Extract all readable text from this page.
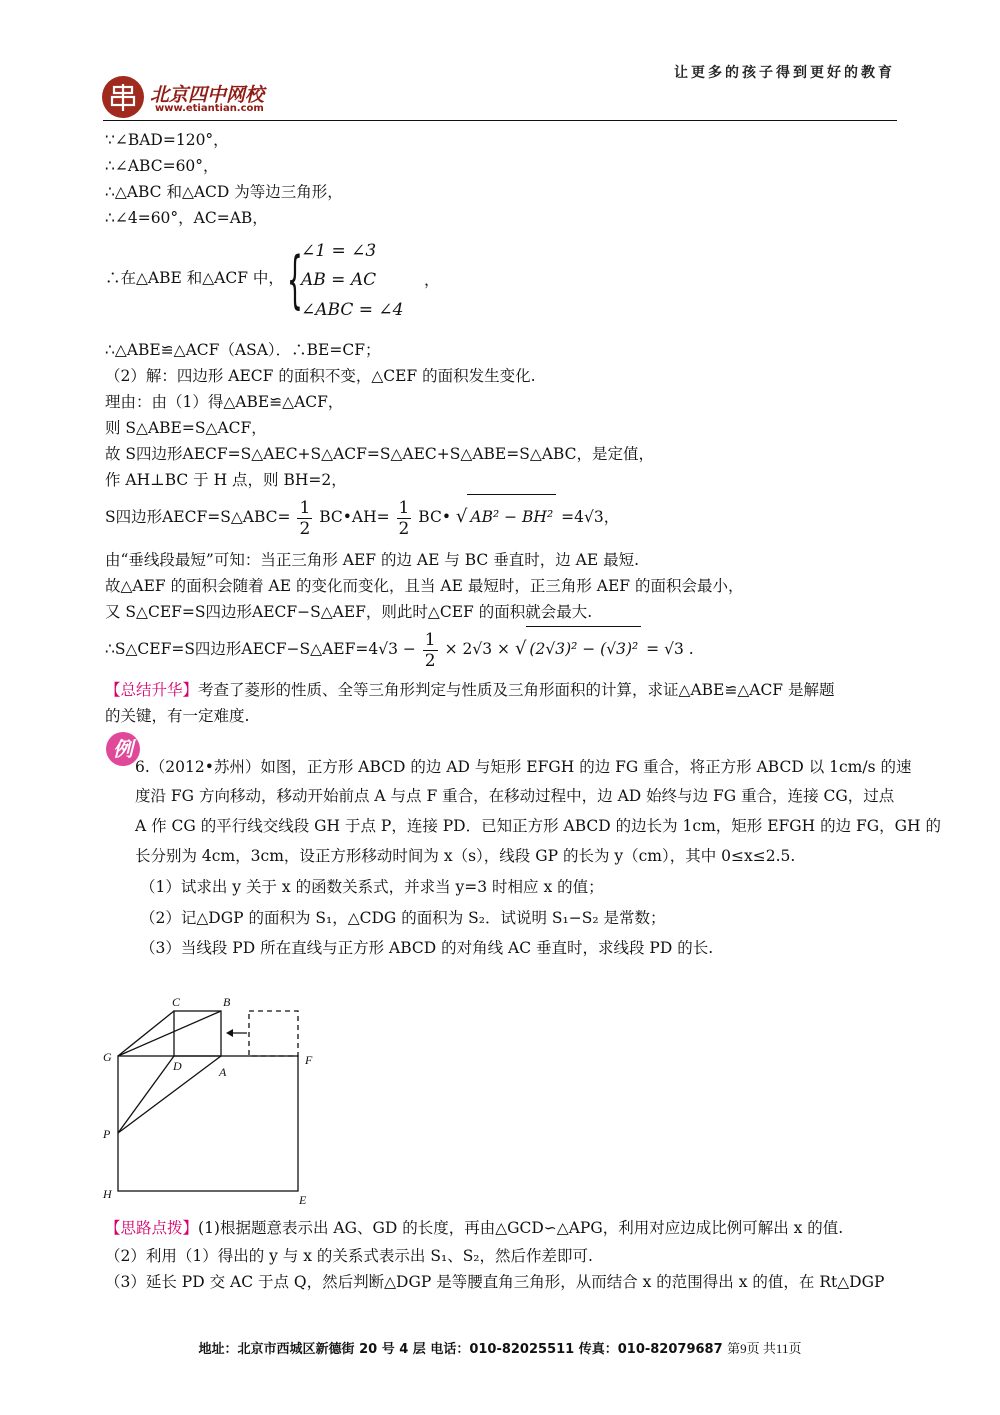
让更多的孩子得到更好的教育
北京四中网校
www.etiantian.com
∵∠BAD=120°，
∴∠ABC=60°，
∴△ABC 和△ACD 为等边三角形，
∴∠4=60°，AC=AB，
∴在△ABE 和△ACF 中， {
∠1 = ∠3
AB = AC
∠ABC = ∠4
，
∴△ABE≌△ACF（ASA）．∴BE=CF；
（2）解：四边形 AECF 的面积不变，△CEF 的面积发生变化.
理由：由（1）得△ABE≌△ACF，
则 S△ABE=S△ACF，
故 S四边形AECF=S△AEC+S△ACF=S△AEC+S△ABE=S△ABC，是定值，
作 AH⊥BC 于 H 点，则 BH=2，
S四边形AECF=S△ABC= $\frac{1}{2}$ BC•AH= $\frac{1}{2}$ BC• √ AB² − BH² =4√3，
由“垂线段最短”可知：当正三角形 AEF 的边 AE 与 BC 垂直时，边 AE 最短.
故△AEF 的面积会随着 AE 的变化而变化，且当 AE 最短时，正三角形 AEF 的面积会最小，
又 S△CEF=S四边形AECF−S△AEF，则此时△CEF 的面积就会最大.
∴S△CEF=S四边形AECF−S△AEF=4√3 − $\frac{1}{2} \times 2√3$ × √ (2√3)² − (√3)² = √3 .
【总结升华】考查了菱形的性质、全等三角形判定与性质及三角形面积的计算，求证△ABE≌△ACF 是解题
的关键，有一定难度.
例
6.（2012•苏州）如图，正方形 ABCD 的边 AD 与矩形 EFGH 的边 FG 重合，将正方形 ABCD 以 1cm/s 的速
度沿 FG 方向移动，移动开始前点 A 与点 F 重合，在移动过程中，边 AD 始终与边 FG 重合，连接 CG，过点
A 作 CG 的平行线交线段 GH 于点 P，连接 PD．已知正方形 ABCD 的边长为 1cm，矩形 EFGH 的边 FG，GH 的
长分别为 4cm，3cm，设正方形移动时间为 x（s），线段 GP 的长为 y（cm），其中 0≤x≤2.5.
（1）试求出 y 关于 x 的函数关系式，并求当 y=3 时相应 x 的值；
（2）记△DGP 的面积为 S₁，△CDG 的面积为 S₂．试说明 S₁−S₂ 是常数；
（3）当线段 PD 所在直线与正方形 ABCD 的对角线 AC 垂直时，求线段 PD 的长.
C	B
G
D	A
F
P
H	E
【思路点拨】(1)根据题意表示出 AG、GD 的长度，再由△GCD∽△APG，利用对应边成比例可解出 x 的值.
（2）利用（1）得出的 y 与 x 的关系式表示出 S₁、S₂，然后作差即可.
（3）延长 PD 交 AC 于点 Q，然后判断△DGP 是等腰直角三角形，从而结合 x 的范围得出 x 的值，在 Rt△DGP
地址：北京市西城区新德街 20 号 4 层 电话：010-82025511 传真：010-82079687 第9页 共11页
